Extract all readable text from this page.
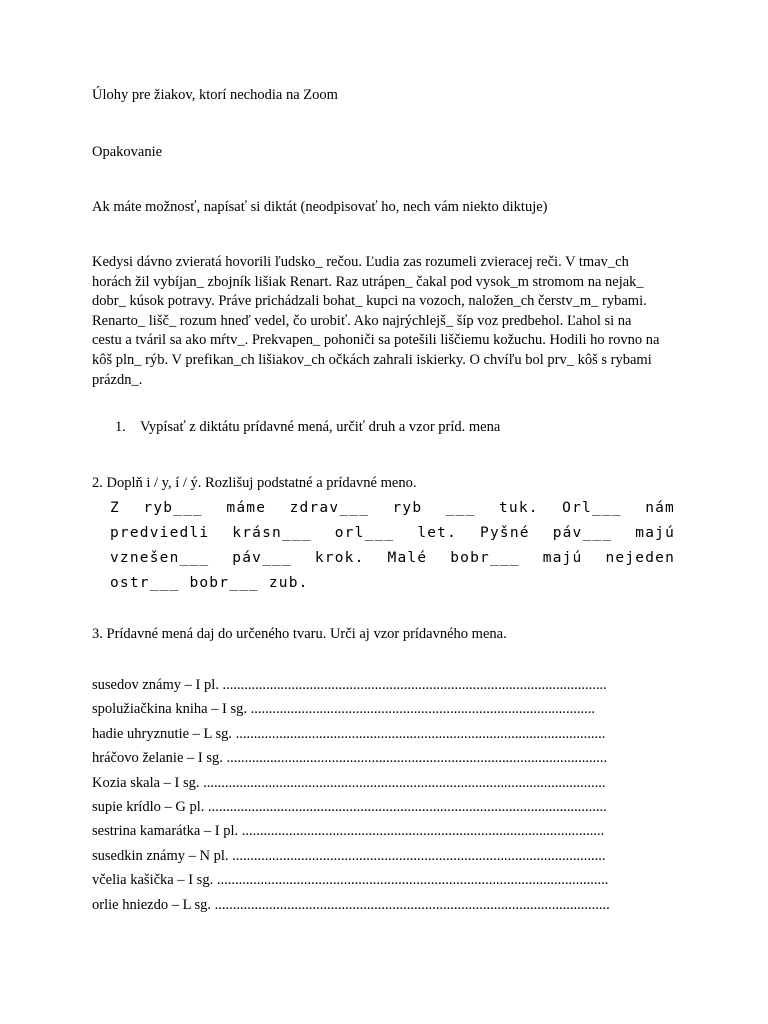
Úlohy pre žiakov, ktorí nechodia na Zoom
Opakovanie
Ak máte možnosť, napísať si diktát (neodpisovať ho, nech vám niekto diktuje)
Kedysi dávno zvieratá hovorili ľudsko_ rečou. Ľudia zas rozumeli zvieracej reči. V tmav_ch horách žil vybíjan_ zbojník lišiak Renart. Raz utrápen_ čakal pod vysok_m stromom na nejak_ dobr_ kúsok potravy. Práve prichádzali bohat_ kupci na vozoch, naložen_ch čerstv_m_ rybami. Renarto_ lišč_ rozum hneď vedel, čo urobiť. Ako najrýchlejš_ šíp voz predbehol. Ľahol si na cestu a tváril sa ako mŕtv_. Prekvapen_ pohoniči sa potešili liščiemu kožuchu. Hodili ho rovno na kôš pln_ rýb. V prefikan_ch lišiakov_ch očkách zahrali iskierky. O chvíľu bol prv_ kôš s rybami prázdn_.
1. Vypísať z diktátu prídavné mená, určiť druh a vzor príd. mena
2. Doplň i / y, í / ý. Rozlišuj podstatné a prídavné meno.
Z ryb___ máme zdrav___ ryb ___ tuk. Orl___ nám predviedli krásn___ orl___ let. Pyšné páv___ majú vznešen___ páv___ krok. Malé bobr___ majú nejeden ostr___ bobr___ zub.
3. Prídavné mená daj do určeného tvaru. Urči aj vzor prídavného mena.
susedov známy – I pl. ..........................................................................................................
spolužiačkina kniha – I sg. ...............................................................................................
hadie uhryznutie – L sg. ......................................................................................................
hráčovo želanie – I sg. .........................................................................................................
Kozia skala – I sg. ...............................................................................................................
supie krídlo – G pl. ..............................................................................................................
sestrina kamarátka – I pl. ....................................................................................................
susedkin známy – N pl. .......................................................................................................
včelia kašička – I sg. ............................................................................................................
orlie hniezdo – L sg. .............................................................................................................
